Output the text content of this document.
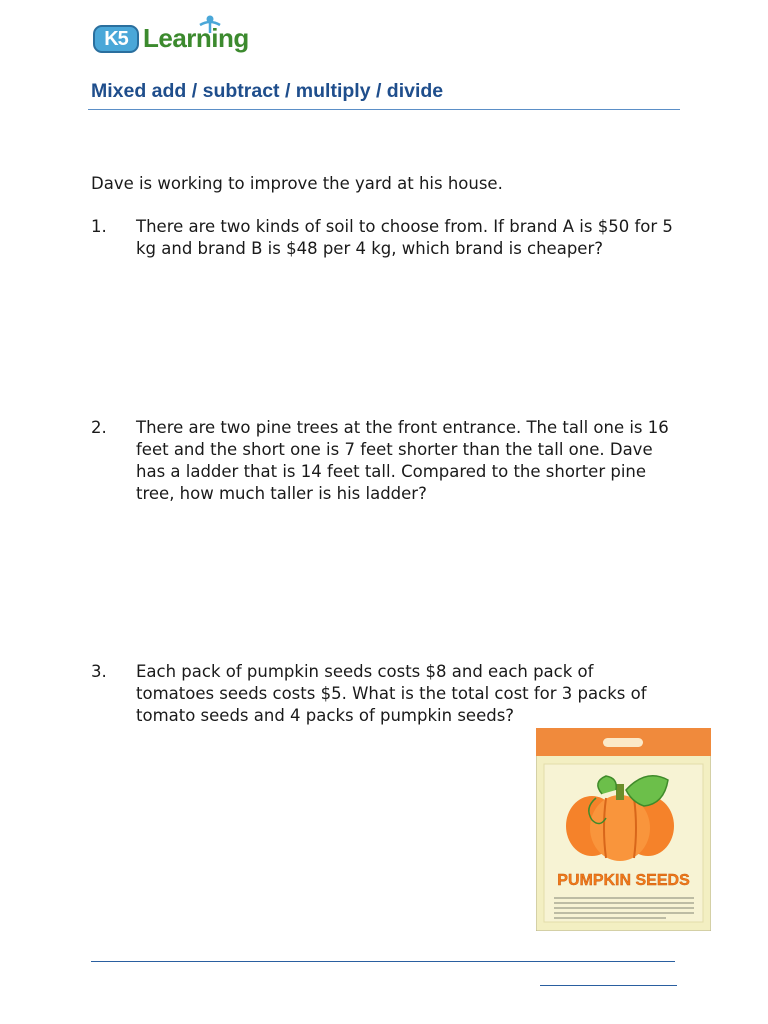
K5 Learning
Mixed add / subtract / multiply / divide

Dave is working to improve the yard at his house.

1. There are two kinds of soil to choose from. If brand A is $50 for 5 kg and brand B is $48 per 4 kg, which brand is cheaper?

2. There are two pine trees at the front entrance. The tall one is 16 feet and the short one is 7 feet shorter than the tall one. Dave has a ladder that is 14 feet tall. Compared to the shorter pine tree, how much taller is his ladder?

3. Each pack of pumpkin seeds costs $8 and each pack of tomatoes seeds costs $5. What is the total cost for 3 packs of tomato seeds and 4 packs of pumpkin seeds?

PUMPKIN SEEDS
